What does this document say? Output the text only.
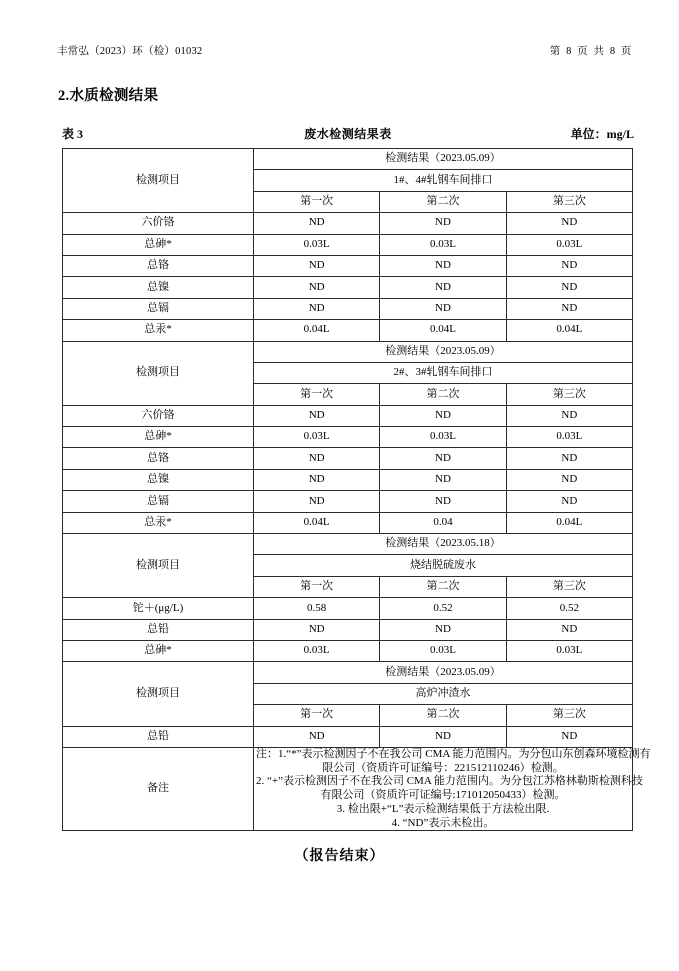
丰常弘（2023）环（检）01032	第 8 页 共 8 页
2.水质检测结果
表 3	废水检测结果表	单位：mg/L
检测项目	检测结果（2023.05.09）		
	1#、4#轧钢车间排口		
	第一次	第二次	第三次
六价铬	ND	ND	ND
总砷*	0.03L	0.03L	0.03L
总铬	ND	ND	ND
总镍	ND	ND	ND
总镉	ND	ND	ND
总汞*	0.04L	0.04L	0.04L
检测项目	检测结果（2023.05.09）		
	2#、3#轧钢车间排口		
	第一次	第二次	第三次
六价铬	ND	ND	ND
总砷*	0.03L	0.03L	0.03L
总铬	ND	ND	ND
总镍	ND	ND	ND
总镉	ND	ND	ND
总汞*	0.04L	0.04	0.04L
检测项目	检测结果（2023.05.18）		
	烧结脱硫废水		
	第一次	第二次	第三次
铊＋(μg/L)	0.58	0.52	0.52
总铅	ND	ND	ND
总砷*	0.03L	0.03L	0.03L
检测项目	检测结果（2023.05.09）		
	高炉冲渣水		
	第一次	第二次	第三次
总铅	ND	ND	ND
备注	
注：1.“*”表示检测因子不在我公司 CMA 能力范围内。为分包山东创森环境检测有
限公司（资质许可证编号：221512110246）检测。
2. “+”表示检测因子不在我公司 CMA 能力范围内。为分包江苏格林勒斯检测科技
有限公司（资质许可证编号:171012050433）检测。
3. 检出限+“L”表示检测结果低于方法检出限.
4. “ND”表示未检出。
（报告结束）
